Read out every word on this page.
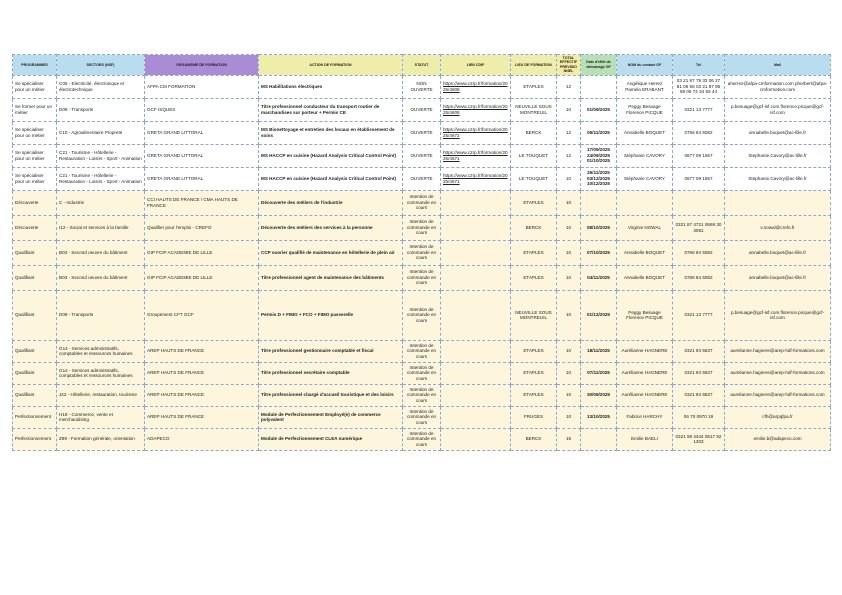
PROGRAMMES	SECTORS (NSF)	ORGANISME DE FORMATION	ACTION DE FORMATION	STATUT	LIEN CDIF	LIEU DE FORMATION	TOTAL EFFECTIF PREVISIONNEL	Date d'effet de démarrage OF	NOM du contact OF	Tel	Mail
Se spécialiser pour un métier	C05 - Electricité, électronique et électrotechnique	AFPA CM FORMATION	MS Habilitations électriques	NON OUVERTE	https://www.c2rp.fr/formation/2025/4608	ETAPLES	12		Angélique Herrez Pamela ERABANT	03 21 87 79 33 06 27 81 06 56 03 21 87 95 59 06 74 34 55 44	aherrez@afpa-cmformation.com pherbert@afpa-cmformation.com
Se former pour un métier	D08 - Transports	GCF ISQUES	Titre professionnel conducteur du transport routier de marchandises sur porteur + Permis CE	OUVERTE	https://www.c2rp.fr/formation/2025/4608	NEUVILLE SOUS MONTREUIL	10	01/09/2025	Peggy Besuage Florence PICQUE	0321 13 7777	p.besuage@gcf-isf.com florence.picque@gcf-isf.com
Se spécialiser pour un métier	C10 - Agroalimentaire Propreté	GRETA GRAND LITTORAL	MS Bionettoyage et entretien des locaux en établissement de soins	OUVERTE	https://www.c2rp.fr/formation/2025/4672	BERCK	12	05/11/2025	Annabelle BOQUET	0766 84 5082	annabelle.boquet@ac-lille.fr
Se spécialiser pour un métier	C21 - Tourisme - Hôtellerie - Restauration - Loisirs - Sport - Animation	GRETA GRAND LITTORAL	MS HACCP en cuisine (Hazard Analysis Critical Control Point)	OUVERTE	https://www.c2rp.fr/formation/2025/4671	LE TOUQUET	12	17/09/2025 24/09/2025 01/10/2025	Stéphanie CAVORY	0677 09 1657	Stephanie.Cavory@ac-lille.fr
Se spécialiser pour un métier	C21 - Tourisme - Hôtellerie - Restauration - Loisirs - Sport - Animation	GRETA GRAND LITTORAL	MS HACCP en cuisine (Hazard Analysis Critical Control Point)	OUVERTE	https://www.c2rp.fr/formation/2025/4671	LE TOUQUET	10	26/11/2025 03/12/2025 10/12/2025	Stéphanie CAVORY	0677 09 1657	Stephanie.Cavory@ac-lille.fr
Découverte	C - Industrie	CCI HAUTS DE FRANCE / CMA HAUTS DE FRANCE	Découverte des métiers de l'industrie	Intention de commande en cours		ETAPLES	10				
Découverte	I12 - Social et services à la famille	Qualifier pour l'emploi - CREFO	Découverte des métiers des services à la personne	Intention de commande en cours		BERCK	10	08/10/2025	Virginie NOWAL	0321 87 4721 0669 30 3091	v.nowal@crefo.fr
Qualifiant	B03 - Second oeuvre du bâtiment	GIP FCIP ACADEMIE DE LILLE	CCP ouvrier qualifié de maintenance en hôtellerie de plein air	Intention de commande en cours		ETAPLES	10	07/10/2025	Annabelle BOQUET	0766 84 5082	annabelle.boquet@ac-lille.fr
Qualifiant	B03 - Second oeuvre du bâtiment	GIP FCIP ACADEMIE DE LILLE	Titre professionnel agent de maintenance des bâtiments	Intention de commande en cours		ETAPLES	10	04/11/2025	Annabelle BOQUET	0766 84 5082	annabelle.boquet@ac-lille.fr
Qualifiant	D08 - Transports	Groupement CFT GCF	Permis D + FIMO + FCO + FIMO passerelle	Intention de commande en cours		NEUVILLE SOUS MONTREUIL	10	01/12/2025	Peggy Besuage Florence PICQUE	0321 13 7777	p.besuage@gcf-isf.com florence.picque@gcf-isf.com
Qualifiant	G14 - Services administratifs, comptables et ressources humaines	AREP HAUTS DE FRANCE	Titre professionnel gestionnaire comptable et fiscal	Intention de commande en cours		ETAPLES	10	18/11/2025	Aurélianne HAGNERE	0321 94 5637	aurelianne.hagnere@arep-hdf-formations.com
Qualifiant	G14 - Services administratifs, comptables et ressources humaines	AREP HAUTS DE FRANCE	Titre professionnel secrétaire comptable	Intention de commande en cours		ETAPLES	10	07/11/2025	Aurélianne HAGNERE	0321 94 5637	aurelianne.hagnere@arep-hdf-formations.com
Qualifiant	J22 - Hôtellerie, restauration, tourisme	AREP HAUTS DE FRANCE	Titre professionnel chargé d'accueil touristique et des loisirs	Intention de commande en cours		ETAPLES	10	30/09/2025	Aurélianne HAGNERE	0321 94 5637	aurelianne.hagnere@arep-hdf-formations.com
Perfectionnement	H19 - Commerce, vente et merchandising	AREP HAUTS DE FRANCE	Module de Perfectionnement Employé(e) de commerce polyvalent	Intention de commande en cours		FRUGES	10	13/10/2025	Fabrice HARCHY	06 70 0970 19	cfh@arpqfpa.fr
Perfectionnement	Z99 - Formation générale, orientation	ADAPECO	Module de Perfectionnement CLEA numérique	Intention de commande en cours		BERCK	15		Emilie BAELI	0321 59 4344 0617 92 1303	emilie.b@adapeco.com
